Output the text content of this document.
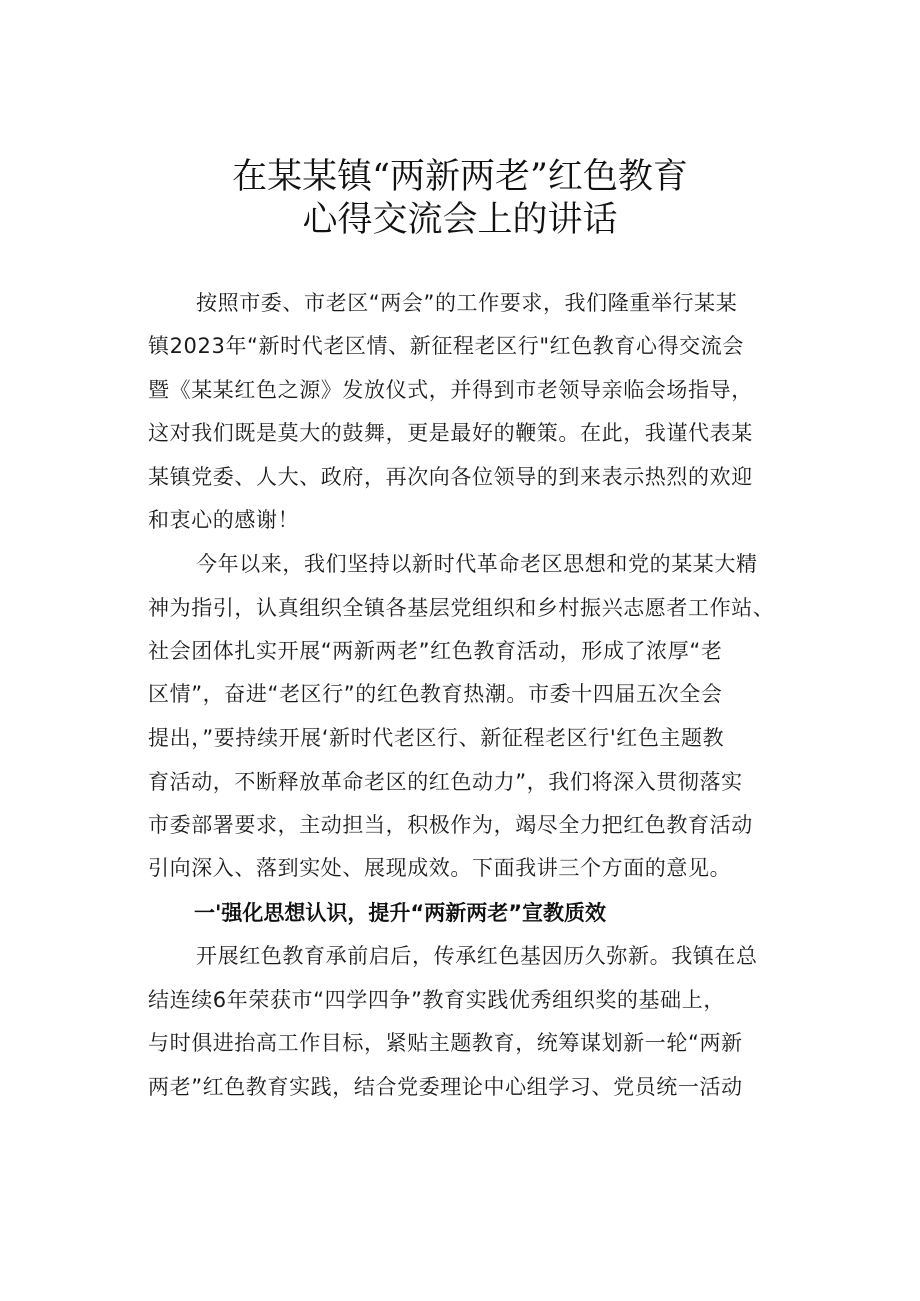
在某某镇“两新两老”红色教育
心得交流会上的讲话
按照市委、市老区“两会”的工作要求，我们隆重举行某某
镇2023年“新时代老区情、新征程老区行"红色教育心得交流会
暨《某某红色之源》发放仪式，并得到市老领导亲临会场指导，
这对我们既是莫大的鼓舞，更是最好的鞭策。在此，我谨代表某
某镇党委、人大、政府，再次向各位领导的到来表示热烈的欢迎
和衷心的感谢！
今年以来，我们坚持以新时代革命老区思想和党的某某大精
神为指引，认真组织全镇各基层党组织和乡村振兴志愿者工作站、
社会团体扎实开展“两新两老”红色教育活动，形成了浓厚“老
区情”，奋进“老区行”的红色教育热潮。市委十四届五次全会
提出，”要持续开展‘新时代老区行、新征程老区行'红色主题教
育活动，不断释放革命老区的红色动力”，我们将深入贯彻落实
市委部署要求，主动担当，积极作为，竭尽全力把红色教育活动
引向深入、落到实处、展现成效。下面我讲三个方面的意见。
一'强化思想认识，提升“两新两老”宣教质效
开展红色教育承前启后，传承红色基因历久弥新。我镇在总
结连续6年荣获市“四学四争”教育实践优秀组织奖的基础上，
与时俱进抬高工作目标，紧贴主题教育，统筹谋划新一轮“两新
两老”红色教育实践，结合党委理论中心组学习、党员统一活动
